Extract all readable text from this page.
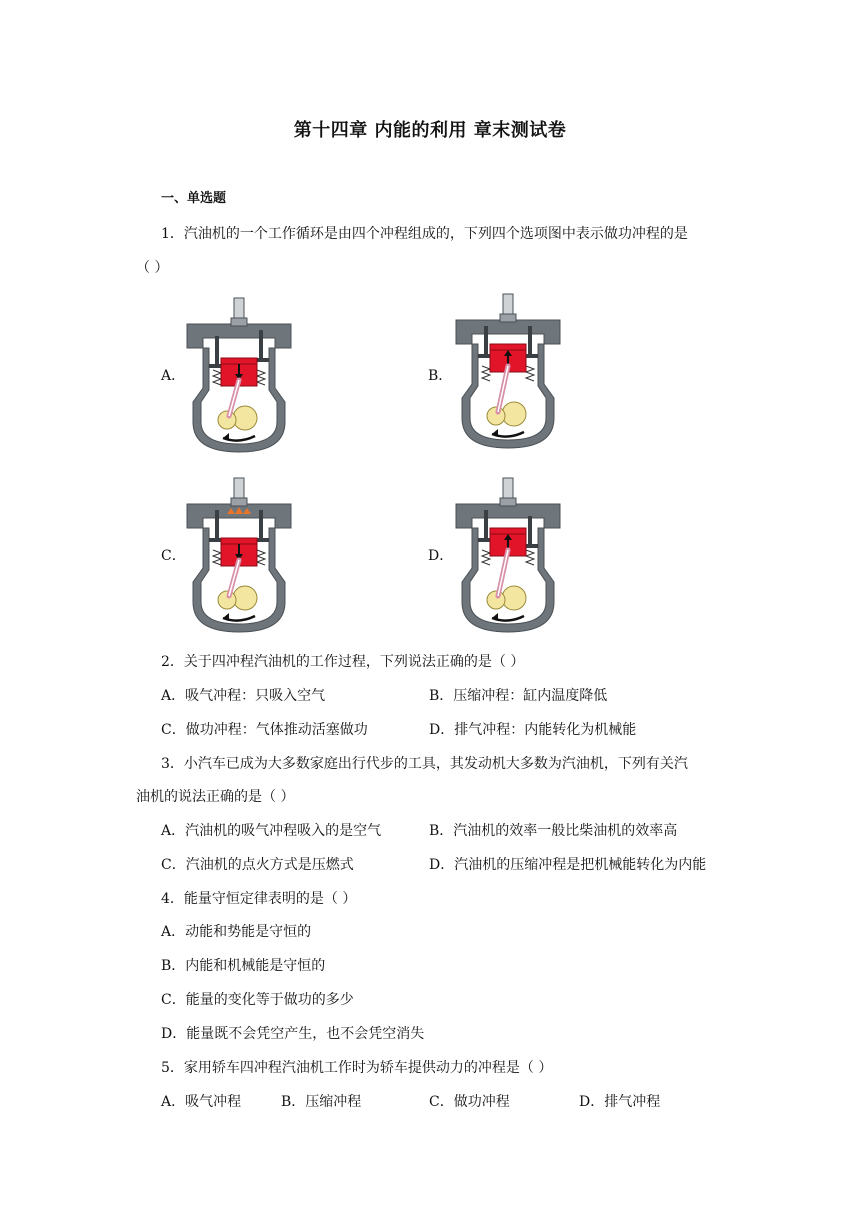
第十四章 内能的利用 章末测试卷
一、单选题
1．汽油机的一个工作循环是由四个冲程组成的，下列四个选项图中表示做功冲程的是
（ ）
A．	B．
C．	D．
2．关于四冲程汽油机的工作过程，下列说法正确的是（ ）
A．吸气冲程：只吸入空气	B．压缩冲程：缸内温度降低
C．做功冲程：气体推动活塞做功	D．排气冲程：内能转化为机械能
3．小汽车已成为大多数家庭出行代步的工具，其发动机大多数为汽油机，下列有关汽
油机的说法正确的是（ ）
A．汽油机的吸气冲程吸入的是空气	B．汽油机的效率一般比柴油机的效率高
C．汽油机的点火方式是压燃式	D．汽油机的压缩冲程是把机械能转化为内能
4．能量守恒定律表明的是（ ）
A．动能和势能是守恒的
B．内能和机械能是守恒的
C．能量的变化等于做功的多少
D．能量既不会凭空产生，也不会凭空消失
5．家用轿车四冲程汽油机工作时为轿车提供动力的冲程是（ ）
A．吸气冲程	B．压缩冲程	C．做功冲程	D．排气冲程
